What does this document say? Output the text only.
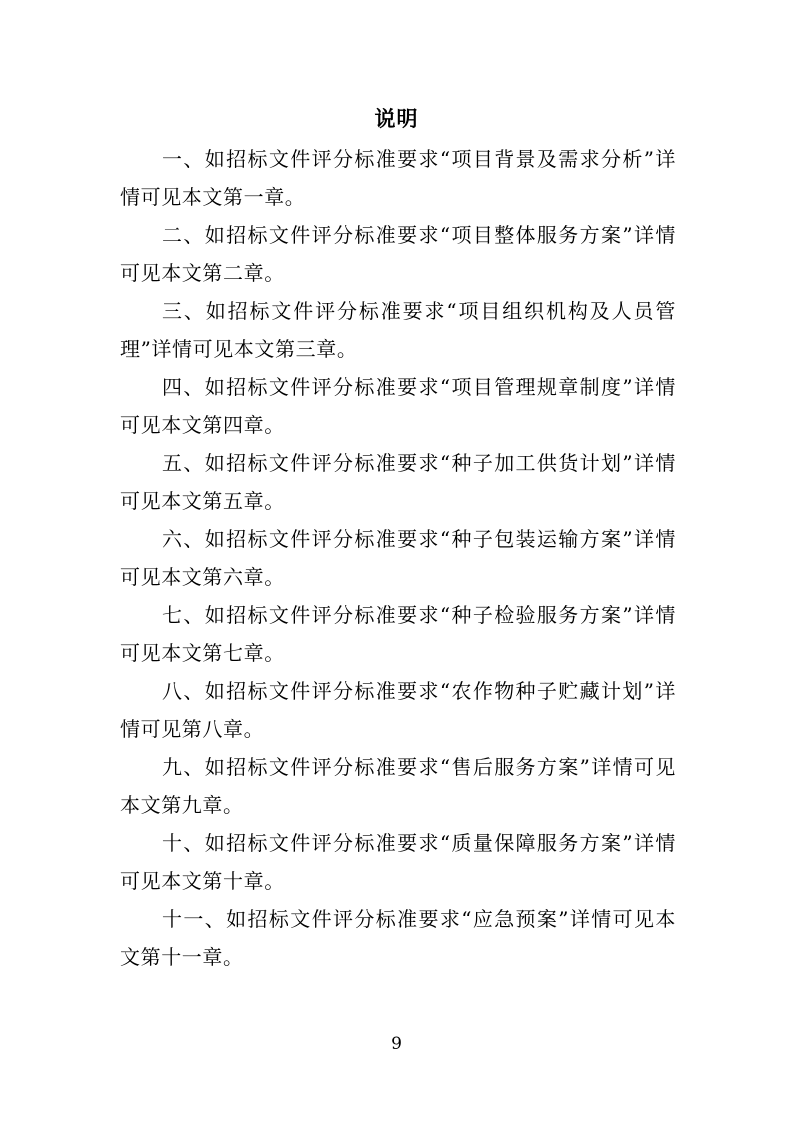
说明

一、如招标文件评分标准要求“项目背景及需求分析”详情可见本文第一章。

二、如招标文件评分标准要求“项目整体服务方案”详情可见本文第二章。

三、如招标文件评分标准要求“项目组织机构及人员管理”详情可见本文第三章。

四、如招标文件评分标准要求“项目管理规章制度”详情可见本文第四章。

五、如招标文件评分标准要求“种子加工供货计划”详情可见本文第五章。

六、如招标文件评分标准要求“种子包装运输方案”详情可见本文第六章。

七、如招标文件评分标准要求“种子检验服务方案”详情可见本文第七章。

八、如招标文件评分标准要求“农作物种子贮藏计划”详情可见第八章。

九、如招标文件评分标准要求“售后服务方案”详情可见本文第九章。

十、如招标文件评分标准要求“质量保障服务方案”详情可见本文第十章。

十一、如招标文件评分标准要求“应急预案”详情可见本文第十一章。

9
